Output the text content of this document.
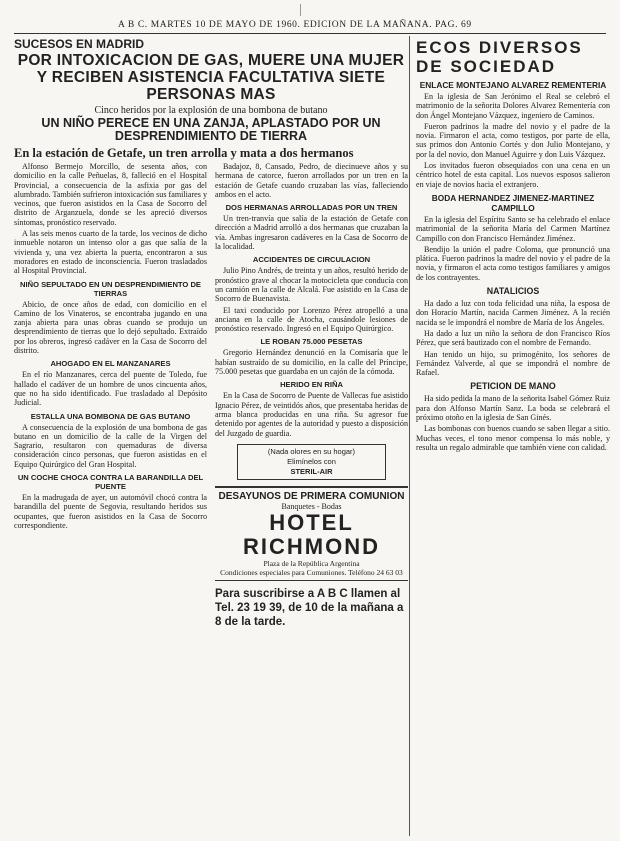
A B C. MARTES 10 DE MAYO DE 1960. EDICION DE LA MAÑANA. PAG. 69
SUCESOS EN MADRID
POR INTOXICACION DE GAS, MUERE UNA MUJER Y RECIBEN ASISTENCIA FACULTATIVA SIETE PERSONAS MAS
Cinco heridos por la explosión de una bombona de butano
UN NIÑO PERECE EN UNA ZANJA, APLASTADO POR UN DESPRENDIMIENTO DE TIERRA
En la estación de Getafe, un tren arrolla y mata a dos hermanos
Alfonso Bermejo Morcillo, de sesenta años, con domicilio en la calle Peñuelas, 8, falleció en el Hospital Provincial, a consecuencia de la asfixia por gas del alumbrado. También sufrieron intoxicación sus familiares y vecinos, que fueron asistidos en la Casa de Socorro del distrito de Arganzuela, donde se les apreció diversos síntomas, pronóstico reservado.
A las seis menos cuarto de la tarde, los vecinos de dicho inmueble notaron un intenso olor a gas que salía de la vivienda y, una vez abierta la puerta, encontraron a sus moradores en estado de inconsciencia. Fueron trasladados al Hospital Provincial.
NIÑO SEPULTADO EN UN DESPRENDIMIENTO DE TIERRAS
Abicio, de once años de edad, con domicilio en el Camino de los Vinateros, se encontraba jugando en una zanja abierta para unas obras cuando se produjo un desprendimiento de tierras que lo dejó sepultado. Extraído por los obreros, ingresó cadáver en la Casa de Socorro del distrito.
AHOGADO EN EL MANZANARES
En el río Manzanares, cerca del puente de Toledo, fue hallado el cadáver de un hombre de unos cincuenta años, que no ha sido identificado. Fue trasladado al Depósito Judicial.
ESTALLA UNA BOMBONA DE GAS BUTANO
A consecuencia de la explosión de una bombona de gas butano en un domicilio de la calle de la Virgen del Sagrario, resultaron con quemaduras de diversa consideración cinco personas, que fueron asistidas en el Equipo Quirúrgico del Gran Hospital.
UN COCHE CHOCA CONTRA LA BARANDILLA DEL PUENTE
En la madrugada de ayer, un automóvil chocó contra la barandilla del puente de Segovia, resultando heridos sus ocupantes, que fueron asistidos en la Casa de Socorro correspondiente.
Badajoz, 8, Cansado, Pedro, de diecinueve años y su hermana de catorce, fueron arrollados por un tren en la estación de Getafe cuando cruzaban las vías, falleciendo ambos en el acto.
DOS HERMANAS ARROLLADAS POR UN TREN
Un tren-tranvía que salía de la estación de Getafe con dirección a Madrid arrolló a dos hermanas que cruzaban la vía. Ambas ingresaron cadáveres en la Casa de Socorro de la localidad.
ACCIDENTES DE CIRCULACION
Julio Pino Andrés, de treinta y un años, resultó herido de pronóstico grave al chocar la motocicleta que conducía con un camión en la calle de Alcalá. Fue asistido en la Casa de Socorro de Buenavista.
El taxi conducido por Lorenzo Pérez atropelló a una anciana en la calle de Atocha, causándole lesiones de pronóstico reservado. Ingresó en el Equipo Quirúrgico.
LE ROBAN 75.000 PESETAS
Gregorio Hernández denunció en la Comisaría que le habían sustraído de su domicilio, en la calle del Príncipe, 75.000 pesetas que guardaba en un cajón de la cómoda.
HERIDO EN RIÑA
En la Casa de Socorro de Puente de Vallecas fue asistido Ignacio Pérez, de veintidós años, que presentaba heridas de arma blanca producidas en una riña. Su agresor fue detenido por agentes de la autoridad y puesto a disposición del Juzgado de guardia.
(Nada olores en su hogar)
Elimínelos con
STERIL-AIR
DESAYUNOS DE PRIMERA COMUNION
Banquetes - Bodas
HOTEL RICHMOND
Plaza de la República Argentina
Condiciones especiales para Comuniones. Teléfono 24 63 03
Para suscribirse a A B C llamen al Tel. 23 19 39, de 10 de la mañana a 8 de la tarde.
ECOS DIVERSOS DE SOCIEDAD
ENLACE MONTEJANO ALVAREZ REMENTERIA
En la iglesia de San Jerónimo el Real se celebró el matrimonio de la señorita Dolores Alvarez Rementería con don Ángel Montejano Vázquez, ingeniero de Caminos.
Fueron padrinos la madre del novio y el padre de la novia. Firmaron el acta, como testigos, por parte de ella, sus primos don Antonio Cortés y don Julio Montejano, y por la del novio, don Manuel Aguirre y don Luis Vázquez.
Los invitados fueron obsequiados con una cena en un céntrico hotel de esta capital. Los nuevos esposos salieron en viaje de novios hacia el extranjero.
BODA HERNANDEZ JIMENEZ-MARTINEZ CAMPILLO
En la iglesia del Espíritu Santo se ha celebrado el enlace matrimonial de la señorita María del Carmen Martínez Campillo con don Francisco Hernández Jiménez.
Bendijo la unión el padre Coloma, que pronunció una plática. Fueron padrinos la madre del novio y el padre de la novia, y firmaron el acta como testigos familiares y amigos de los contrayentes.
NATALICIOS
Ha dado a luz con toda felicidad una niña, la esposa de don Horacio Martín, nacida Carmen Jiménez. A la recién nacida se le impondrá el nombre de María de los Ángeles.
Ha dado a luz un niño la señora de don Francisco Ríos Pérez, que será bautizado con el nombre de Fernando.
Han tenido un hijo, su primogénito, los señores de Fernández Valverde, al que se impondrá el nombre de Rafael.
PETICION DE MANO
Ha sido pedida la mano de la señorita Isabel Gómez Ruiz para don Alfonso Martín Sanz. La boda se celebrará el próximo otoño en la iglesia de San Ginés.
Las bombonas con buenos cuando se saben llegar a sitio. Muchas veces, el tono menor compensa lo más noble, y resulta un regalo admirable que también viene con calidad.
